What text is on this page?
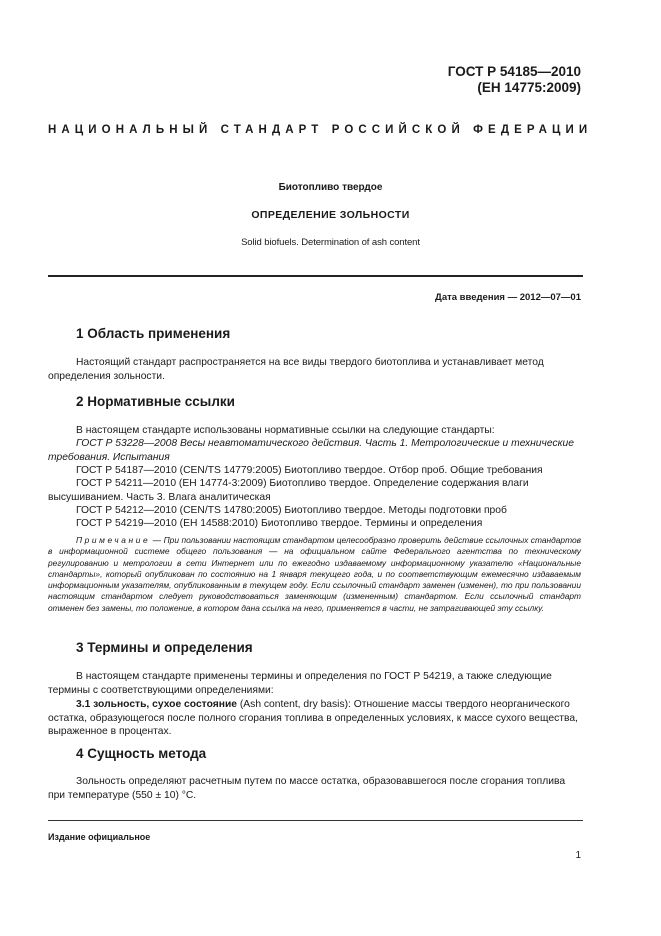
ГОСТ Р 54185—2010
(ЕН 14775:2009)
НАЦИОНАЛЬНЫЙ СТАНДАРТ РОССИЙСКОЙ ФЕДЕРАЦИИ
Биотопливо твердое
ОПРЕДЕЛЕНИЕ ЗОЛЬНОСТИ
Solid biofuels. Determination of ash content
Дата введения — 2012—07—01
1 Область применения
Настоящий стандарт распространяется на все виды твердого биотоплива и устанавливает метод определения зольности.
2 Нормативные ссылки
В настоящем стандарте использованы нормативные ссылки на следующие стандарты:
ГОСТ Р 53228—2008 Весы неавтоматического действия. Часть 1. Метрологические и технические требования. Испытания
ГОСТ Р 54187—2010 (CEN/TS 14779:2005) Биотопливо твердое. Отбор проб. Общие требования
ГОСТ Р 54211—2010 (ЕН 14774-3:2009) Биотопливо твердое. Определение содержания влаги высушиванием. Часть 3. Влага аналитическая
ГОСТ Р 54212—2010 (CEN/TS 14780:2005) Биотопливо твердое. Методы подготовки проб
ГОСТ Р 54219—2010 (ЕН 14588:2010) Биотопливо твердое. Термины и определения
Примечание — При пользовании настоящим стандартом целесообразно проверить действие ссылочных стандартов в информационной системе общего пользования — на официальном сайте Федерального агентства по техническому регулированию и метрологии в сети Интернет или по ежегодно издаваемому информационному указателю «Национальные стандарты», который опубликован по состоянию на 1 января текущего года, и по соответствующим ежемесячно издаваемым информационным указателям, опубликованным в текущем году. Если ссылочный стандарт заменен (изменен), то при пользовании настоящим стандартом следует руководствоваться заменяющим (измененным) стандартом. Если ссылочный стандарт отменен без замены, то положение, в котором дана ссылка на него, применяется в части, не затрагивающей эту ссылку.
3 Термины и определения
В настоящем стандарте применены термины и определения по ГОСТ Р 54219, а также следующие термины с соответствующими определениями:
3.1 зольность, сухое состояние (Ash content, dry basis): Отношение массы твердого неорганического остатка, образующегося после полного сгорания топлива в определенных условиях, к массе сухого вещества, выраженное в процентах.
4 Сущность метода
Зольность определяют расчетным путем по массе остатка, образовавшегося после сгорания топлива при температуре (550 ± 10) °С.
Издание официальное
1
